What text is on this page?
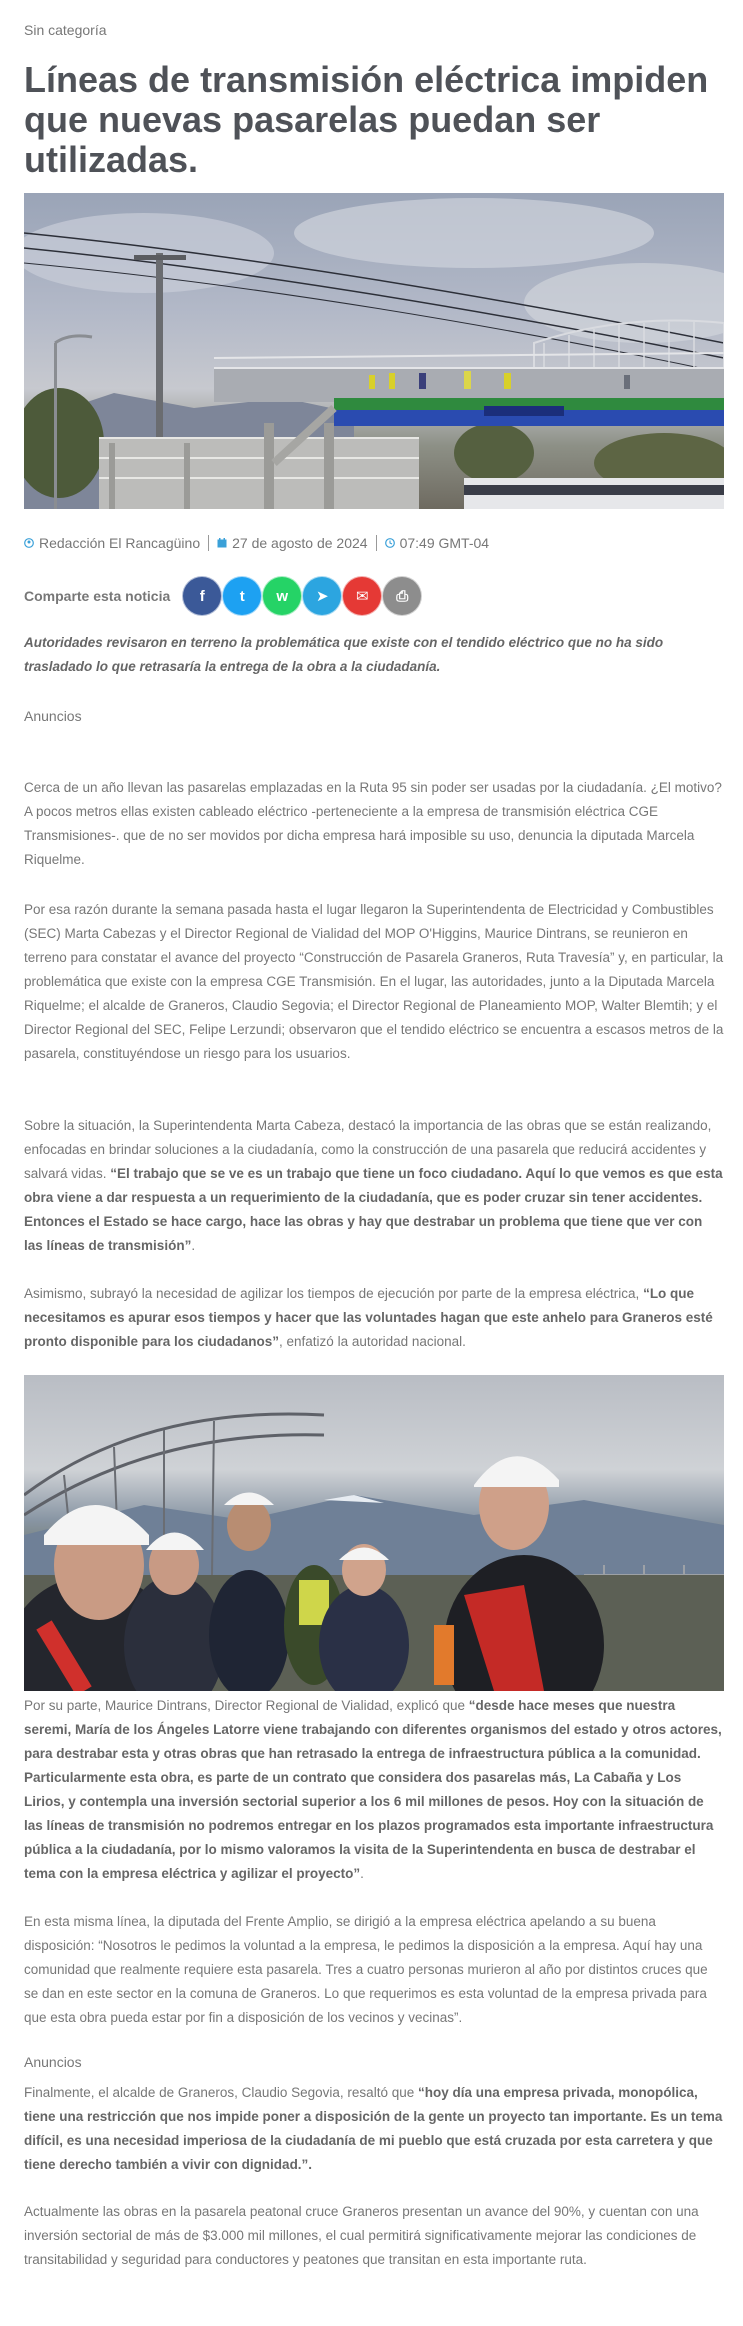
Sin categoría
Líneas de transmisión eléctrica impiden que nuevas pasarelas puedan ser utilizadas.
Redacción El Rancagüino 27 de agosto de 2024 07:49 GMT-04
Comparte esta noticia f t w ➤ ✉ ⎙

Autoridades revisaron en terreno la problemática que existe con el tendido eléctrico que no ha sido trasladado lo que retrasaría la entrega de la obra a la ciudadanía.

Anuncios

Cerca de un año llevan las pasarelas emplazadas en la Ruta 95 sin poder ser usadas por la ciudadanía. ¿El motivo? A pocos metros ellas existen cableado eléctrico -perteneciente a la empresa de transmisión eléctrica CGE Transmisiones-. que de no ser movidos por dicha empresa hará imposible su uso, denuncia la diputada Marcela Riquelme.

Por esa razón durante la semana pasada hasta el lugar llegaron la Superintendenta de Electricidad y Combustibles (SEC) Marta Cabezas y el Director Regional de Vialidad del MOP O'Higgins, Maurice Dintrans, se reunieron en terreno para constatar el avance del proyecto “Construcción de Pasarela Graneros, Ruta Travesía” y, en particular, la problemática que existe con la empresa CGE Transmisión. En el lugar, las autoridades, junto a la Diputada Marcela Riquelme; el alcalde de Graneros, Claudio Segovia; el Director Regional de Planeamiento MOP, Walter Blemtih; y el Director Regional del SEC, Felipe Lerzundi; observaron que el tendido eléctrico se encuentra a escasos metros de la pasarela, constituyéndose un riesgo para los usuarios.

Sobre la situación, la Superintendenta Marta Cabeza, destacó la importancia de las obras que se están realizando, enfocadas en brindar soluciones a la ciudadanía, como la construcción de una pasarela que reducirá accidentes y salvará vidas. “El trabajo que se ve es un trabajo que tiene un foco ciudadano. Aquí lo que vemos es que esta obra viene a dar respuesta a un requerimiento de la ciudadanía, que es poder cruzar sin tener accidentes. Entonces el Estado se hace cargo, hace las obras y hay que destrabar un problema que tiene que ver con las líneas de transmisión”.

Asimismo, subrayó la necesidad de agilizar los tiempos de ejecución por parte de la empresa eléctrica, “Lo que necesitamos es apurar esos tiempos y hacer que las voluntades hagan que este anhelo para Graneros esté pronto disponible para los ciudadanos”, enfatizó la autoridad nacional.

Por su parte, Maurice Dintrans, Director Regional de Vialidad, explicó que “desde hace meses que nuestra seremi, María de los Ángeles Latorre viene trabajando con diferentes organismos del estado y otros actores, para destrabar esta y otras obras que han retrasado la entrega de infraestructura pública a la comunidad. Particularmente esta obra, es parte de un contrato que considera dos pasarelas más, La Cabaña y Los Lirios, y contempla una inversión sectorial superior a los 6 mil millones de pesos. Hoy con la situación de las líneas de transmisión no podremos entregar en los plazos programados esta importante infraestructura pública a la ciudadanía, por lo mismo valoramos la visita de la Superintendenta en busca de destrabar el tema con la empresa eléctrica y agilizar el proyecto”.

En esta misma línea, la diputada del Frente Amplio, se dirigió a la empresa eléctrica apelando a su buena disposición: “Nosotros le pedimos la voluntad a la empresa, le pedimos la disposición a la empresa. Aquí hay una comunidad que realmente requiere esta pasarela. Tres a cuatro personas murieron al año por distintos cruces que se dan en este sector en la comuna de Graneros. Lo que requerimos es esta voluntad de la empresa privada para que esta obra pueda estar por fin a disposición de los vecinos y vecinas”.

Anuncios

Finalmente, el alcalde de Graneros, Claudio Segovia, resaltó que “hoy día una empresa privada, monopólica, tiene una restricción que nos impide poner a disposición de la gente un proyecto tan importante. Es un tema difícil, es una necesidad imperiosa de la ciudadanía de mi pueblo que está cruzada por esta carretera y que tiene derecho también a vivir con dignidad.”.

Actualmente las obras en la pasarela peatonal cruce Graneros presentan un avance del 90%, y cuentan con una inversión sectorial de más de $3.000 mil millones, el cual permitirá significativamente mejorar las condiciones de transitabilidad y seguridad para conductores y peatones que transitan en esta importante ruta.
